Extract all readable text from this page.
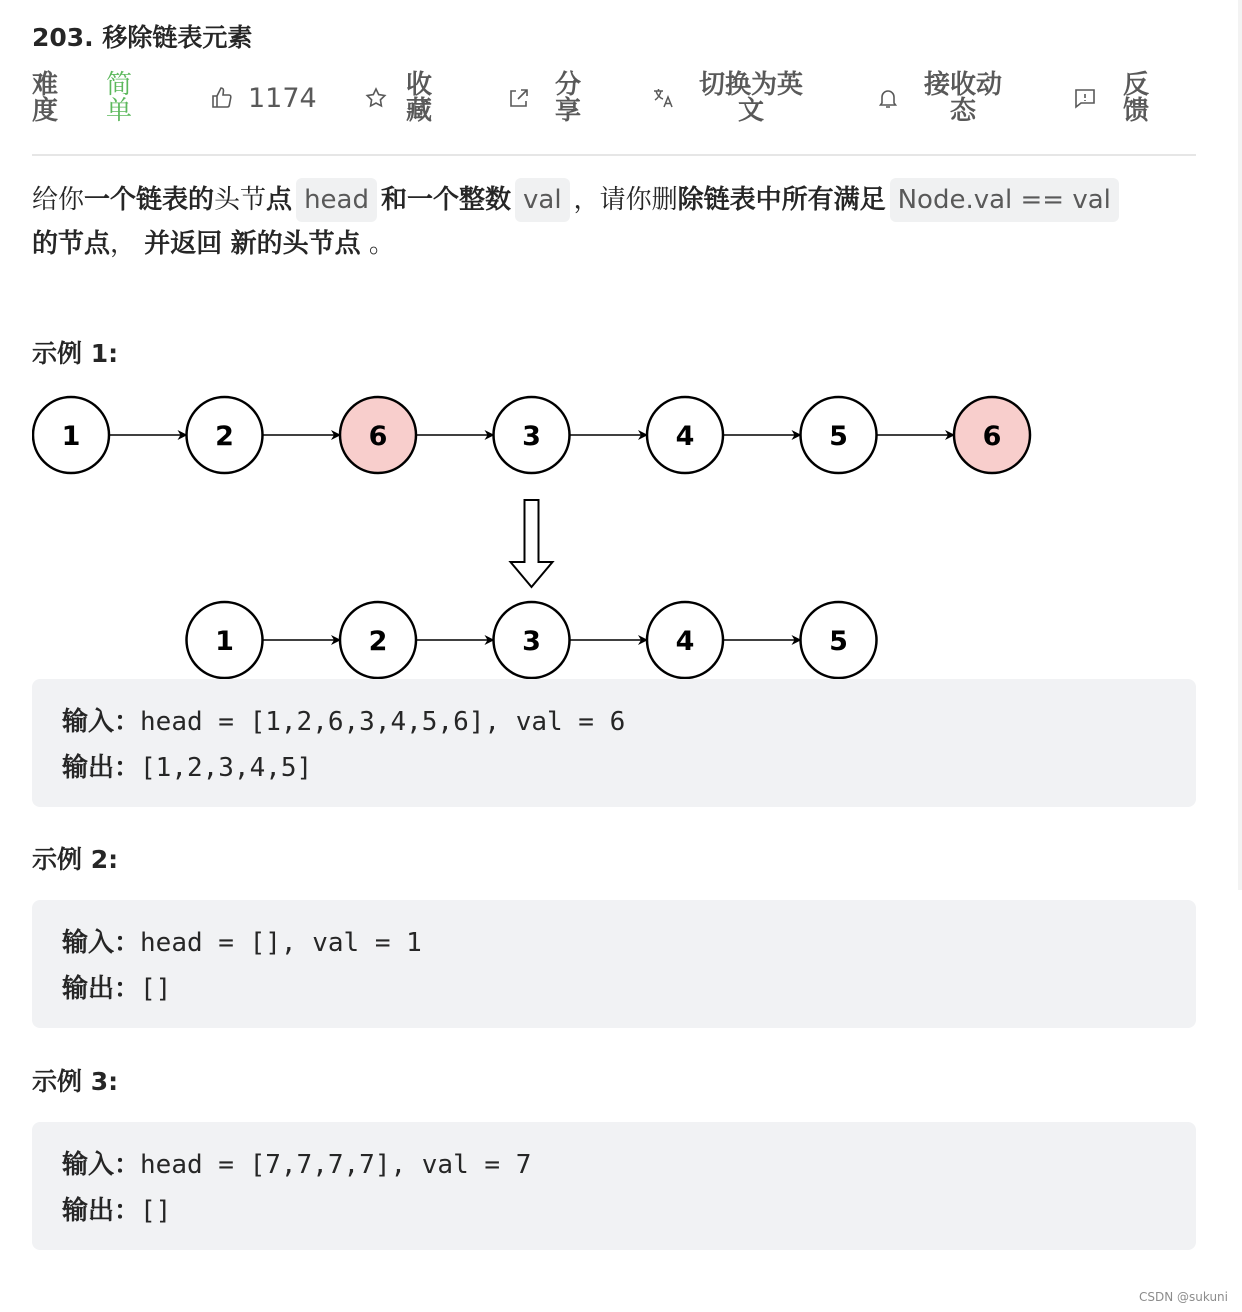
203. 移除链表元素
难度
简单	1174	收藏
分享
切换为英
文
接收动
态
反馈
给你一个链表的头节点 head 和一个整数 val ，请你删除链表中所有满足 Node.val == val
的节点， 并返回 新的头节点 。
示例 1:
1	2	6	3	4	5	6
1	2	3	4	5
输入：head = [1,2,6,3,4,5,6], val = 6
输出：[1,2,3,4,5]
示例 2:
输入：head = [], val = 1
输出：[]
示例 3:
输入：head = [7,7,7,7], val = 7
输出：[]
CSDN @sukuni
